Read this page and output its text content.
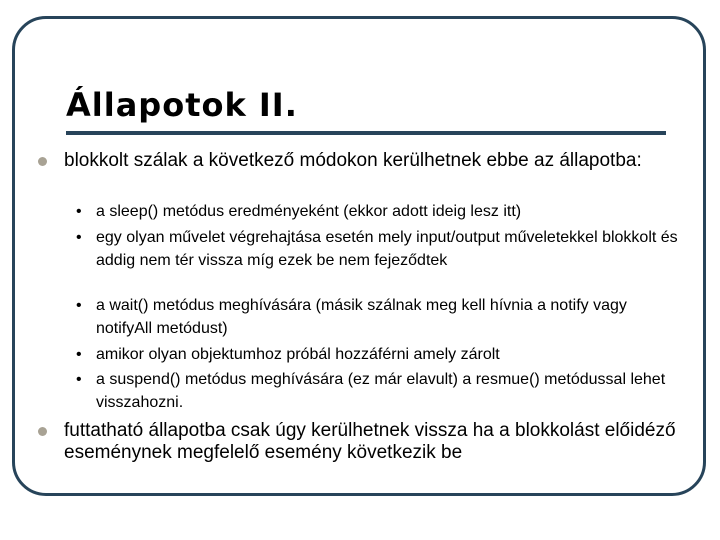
Állapotok II.
blokkolt szálak a következő módokon kerülhetnek ebbe az állapotba:
• a sleep() metódus eredményeként (ekkor adott ideig lesz itt)
• egy olyan művelet végrehajtása esetén mely input/output műveletekkel blokkolt és addig nem tér vissza míg ezek be nem fejeződtek
• a wait() metódus meghívására (másik szálnak meg kell hívnia a notify vagy notifyAll metódust)
• amikor olyan objektumhoz próbál hozzáférni amely zárolt
• a suspend() metódus meghívására (ez már elavult) a resmue() metódussal lehet visszahozni.
futtatható állapotba csak úgy kerülhetnek vissza ha a blokkolást előidéző eseménynek megfelelő esemény következik be
